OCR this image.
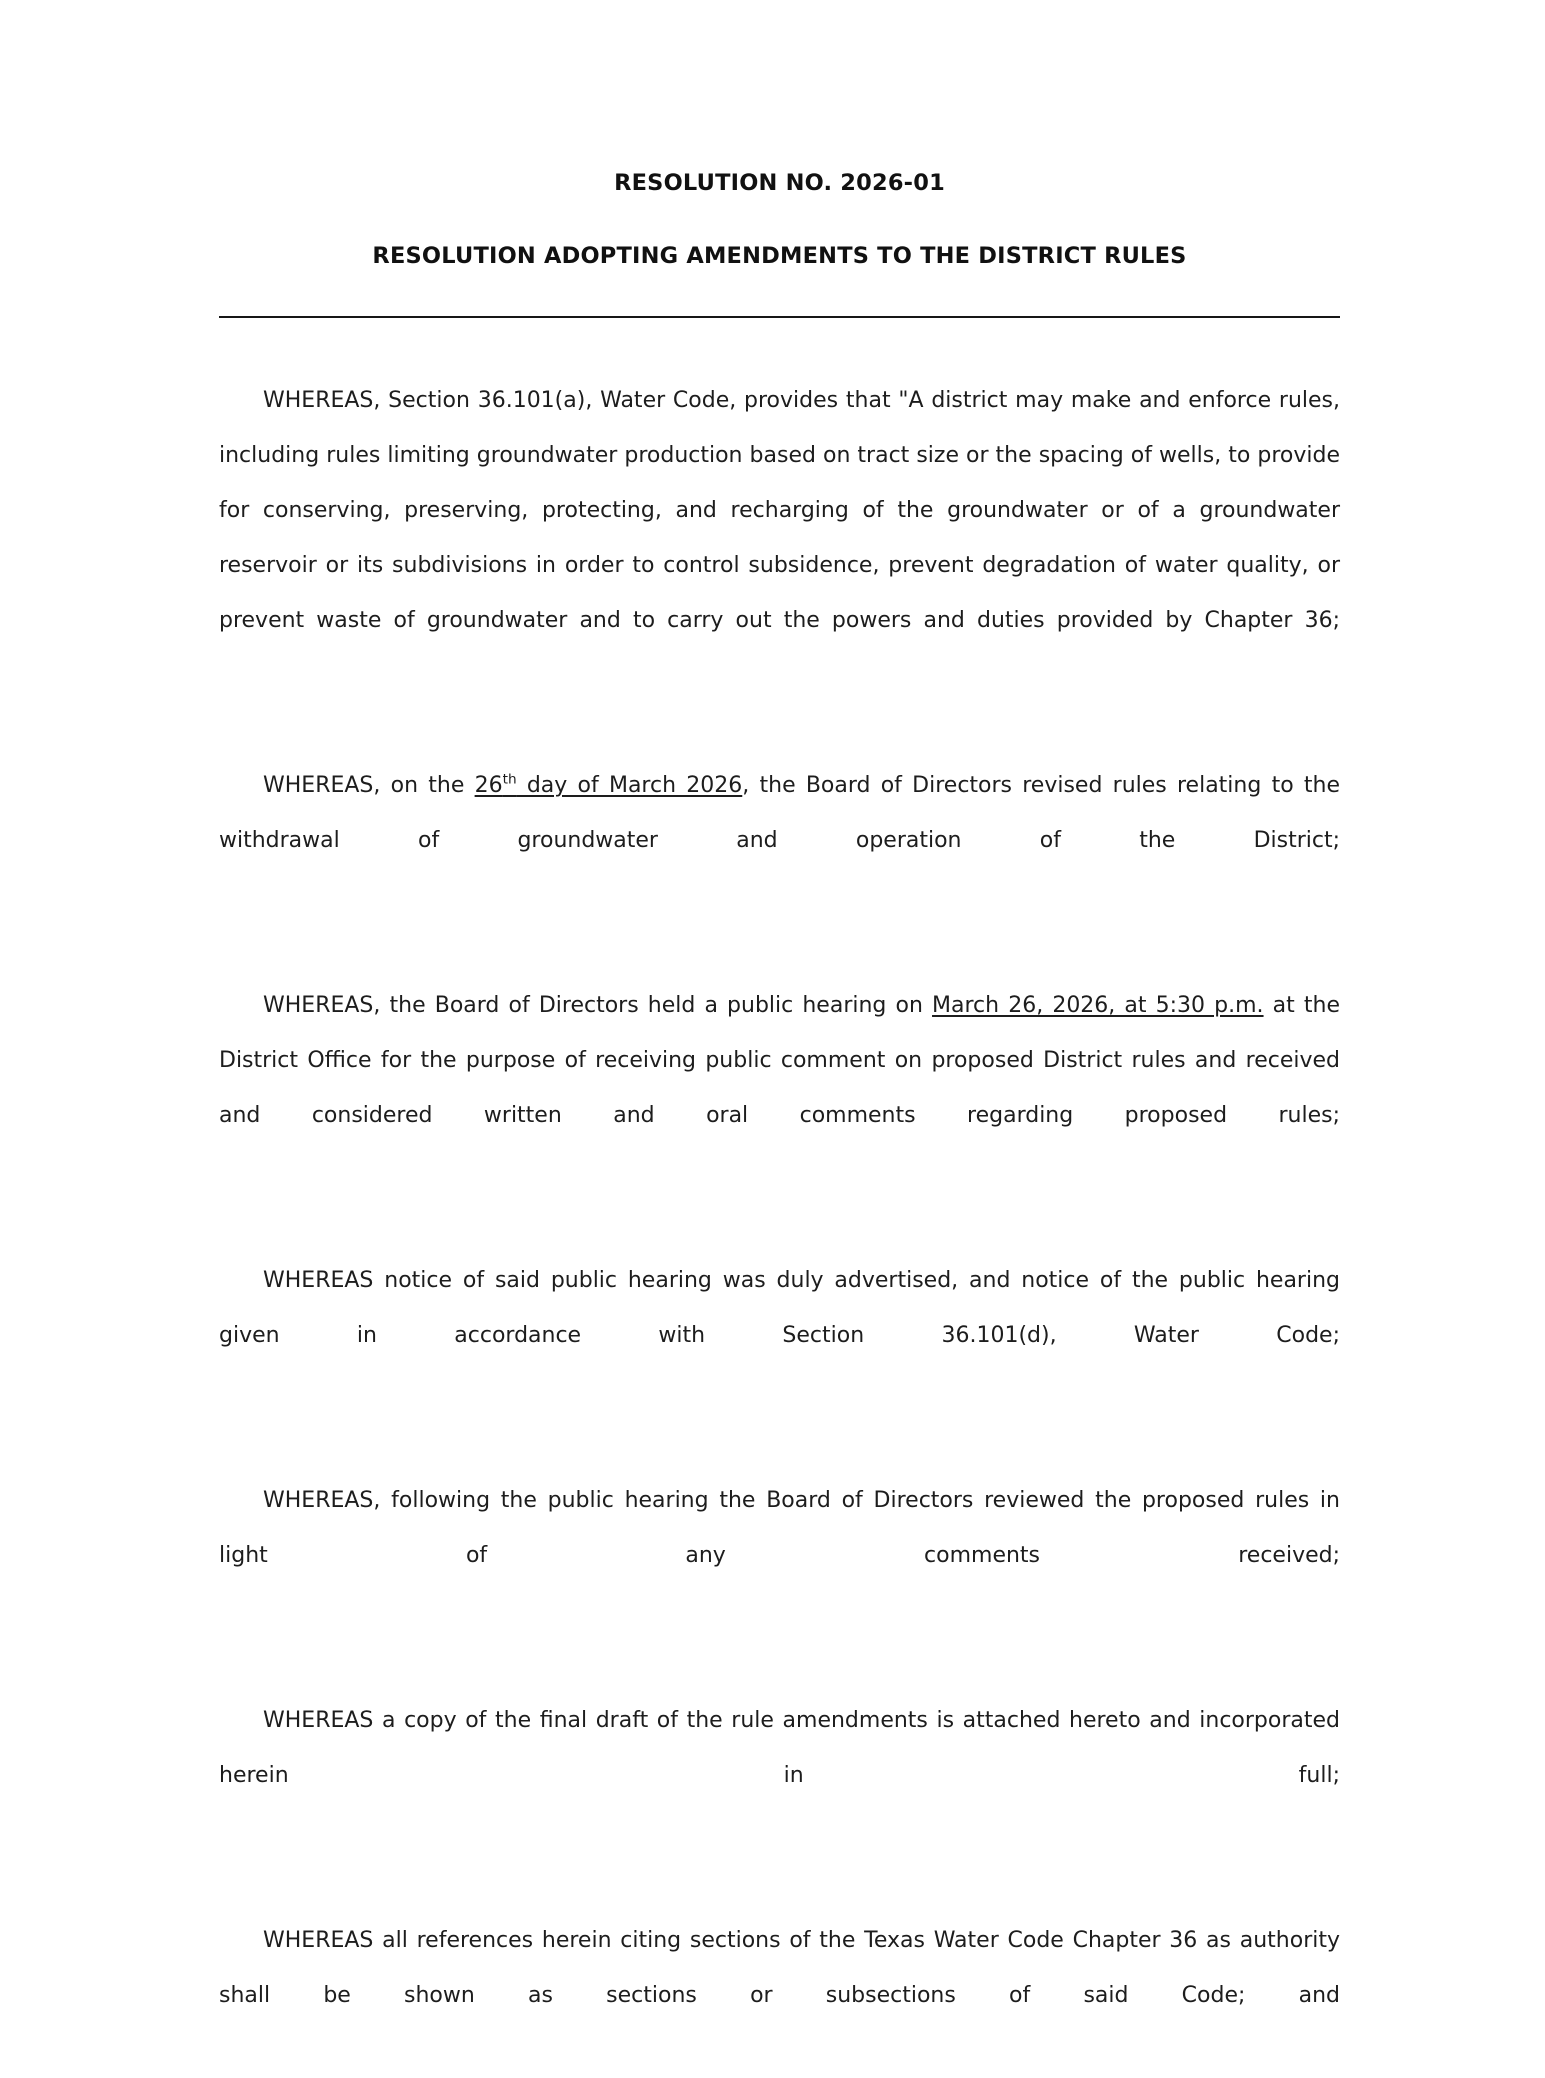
RESOLUTION NO. 2026-01
RESOLUTION ADOPTING AMENDMENTS TO THE DISTRICT RULES

WHEREAS, Section 36.101(a), Water Code, provides that "A district may make and enforce rules, including rules limiting groundwater production based on tract size or the spacing of wells, to provide for conserving, preserving, protecting, and recharging of the groundwater or of a groundwater reservoir or its subdivisions in order to control subsidence, prevent degradation of water quality, or prevent waste of groundwater and to carry out the powers and duties provided by Chapter 36;

WHEREAS, on the 26th day of March 2026, the Board of Directors revised rules relating to the withdrawal of groundwater and operation of the District;

WHEREAS, the Board of Directors held a public hearing on March 26, 2026, at 5:30 p.m. at the District Office for the purpose of receiving public comment on proposed District rules and received and considered written and oral comments regarding proposed rules;

WHEREAS notice of said public hearing was duly advertised, and notice of the public hearing given in accordance with Section 36.101(d), Water Code;

WHEREAS, following the public hearing the Board of Directors reviewed the proposed rules in light of any comments received;

WHEREAS a copy of the final draft of the rule amendments is attached hereto and incorporated herein in full;

WHEREAS all references herein citing sections of the Texas Water Code Chapter 36 as authority shall be shown as sections or subsections of said Code; and
